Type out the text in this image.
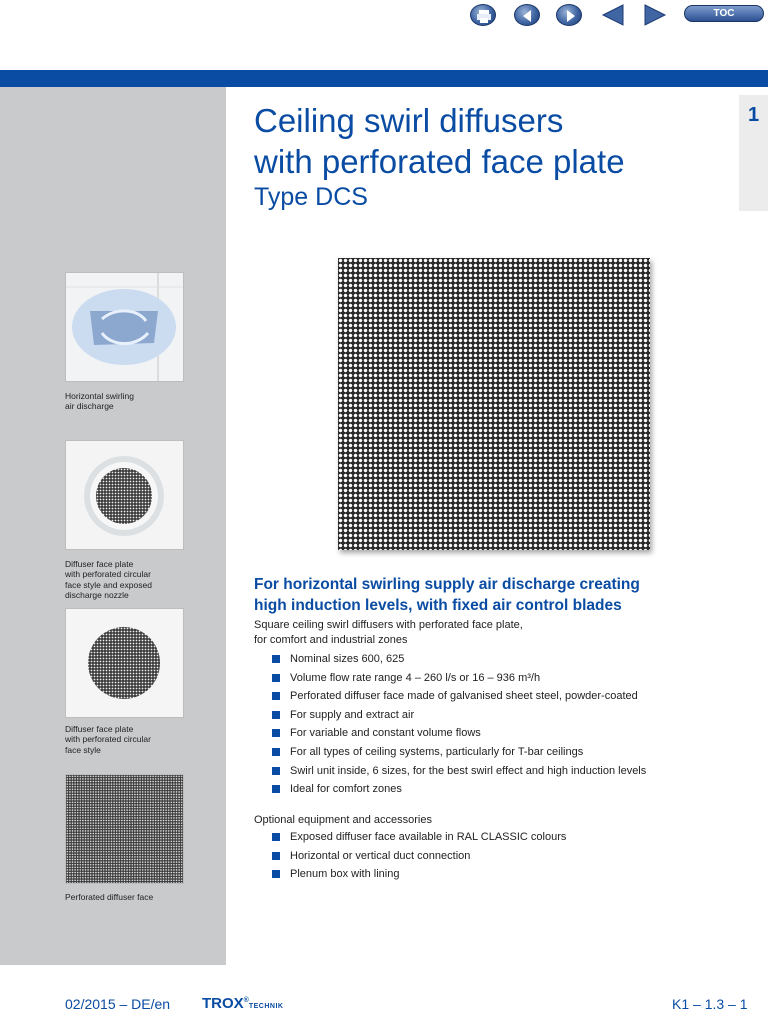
TOC
1
Ceiling swirl diffusers
with perforated face plate
Type DCS
Horizontal swirling
air discharge
Diffuser face plate
with perforated circular
face style and exposed
discharge nozzle
Diffuser face plate
with perforated circular
face style
Perforated diffuser face
For horizontal swirling supply air discharge creating
high induction levels, with fixed air control blades
Square ceiling swirl diffusers with perforated face plate,
for comfort and industrial zones
Nominal sizes 600, 625
Volume flow rate range 4 – 260 l/s or 16 – 936 m³/h
Perforated diffuser face made of galvanised sheet steel, powder-coated
For supply and extract air
For variable and constant volume flows
For all types of ceiling systems, particularly for T-bar ceilings
Swirl unit inside, 6 sizes, for the best swirl effect and high induction levels
Ideal for comfort zones
Optional equipment and accessories
Exposed diffuser face available in RAL CLASSIC colours
Horizontal or vertical duct connection
Plenum box with lining
02/2015 – DE/en TROX®TECHNIK	K1 – 1.3 – 1
